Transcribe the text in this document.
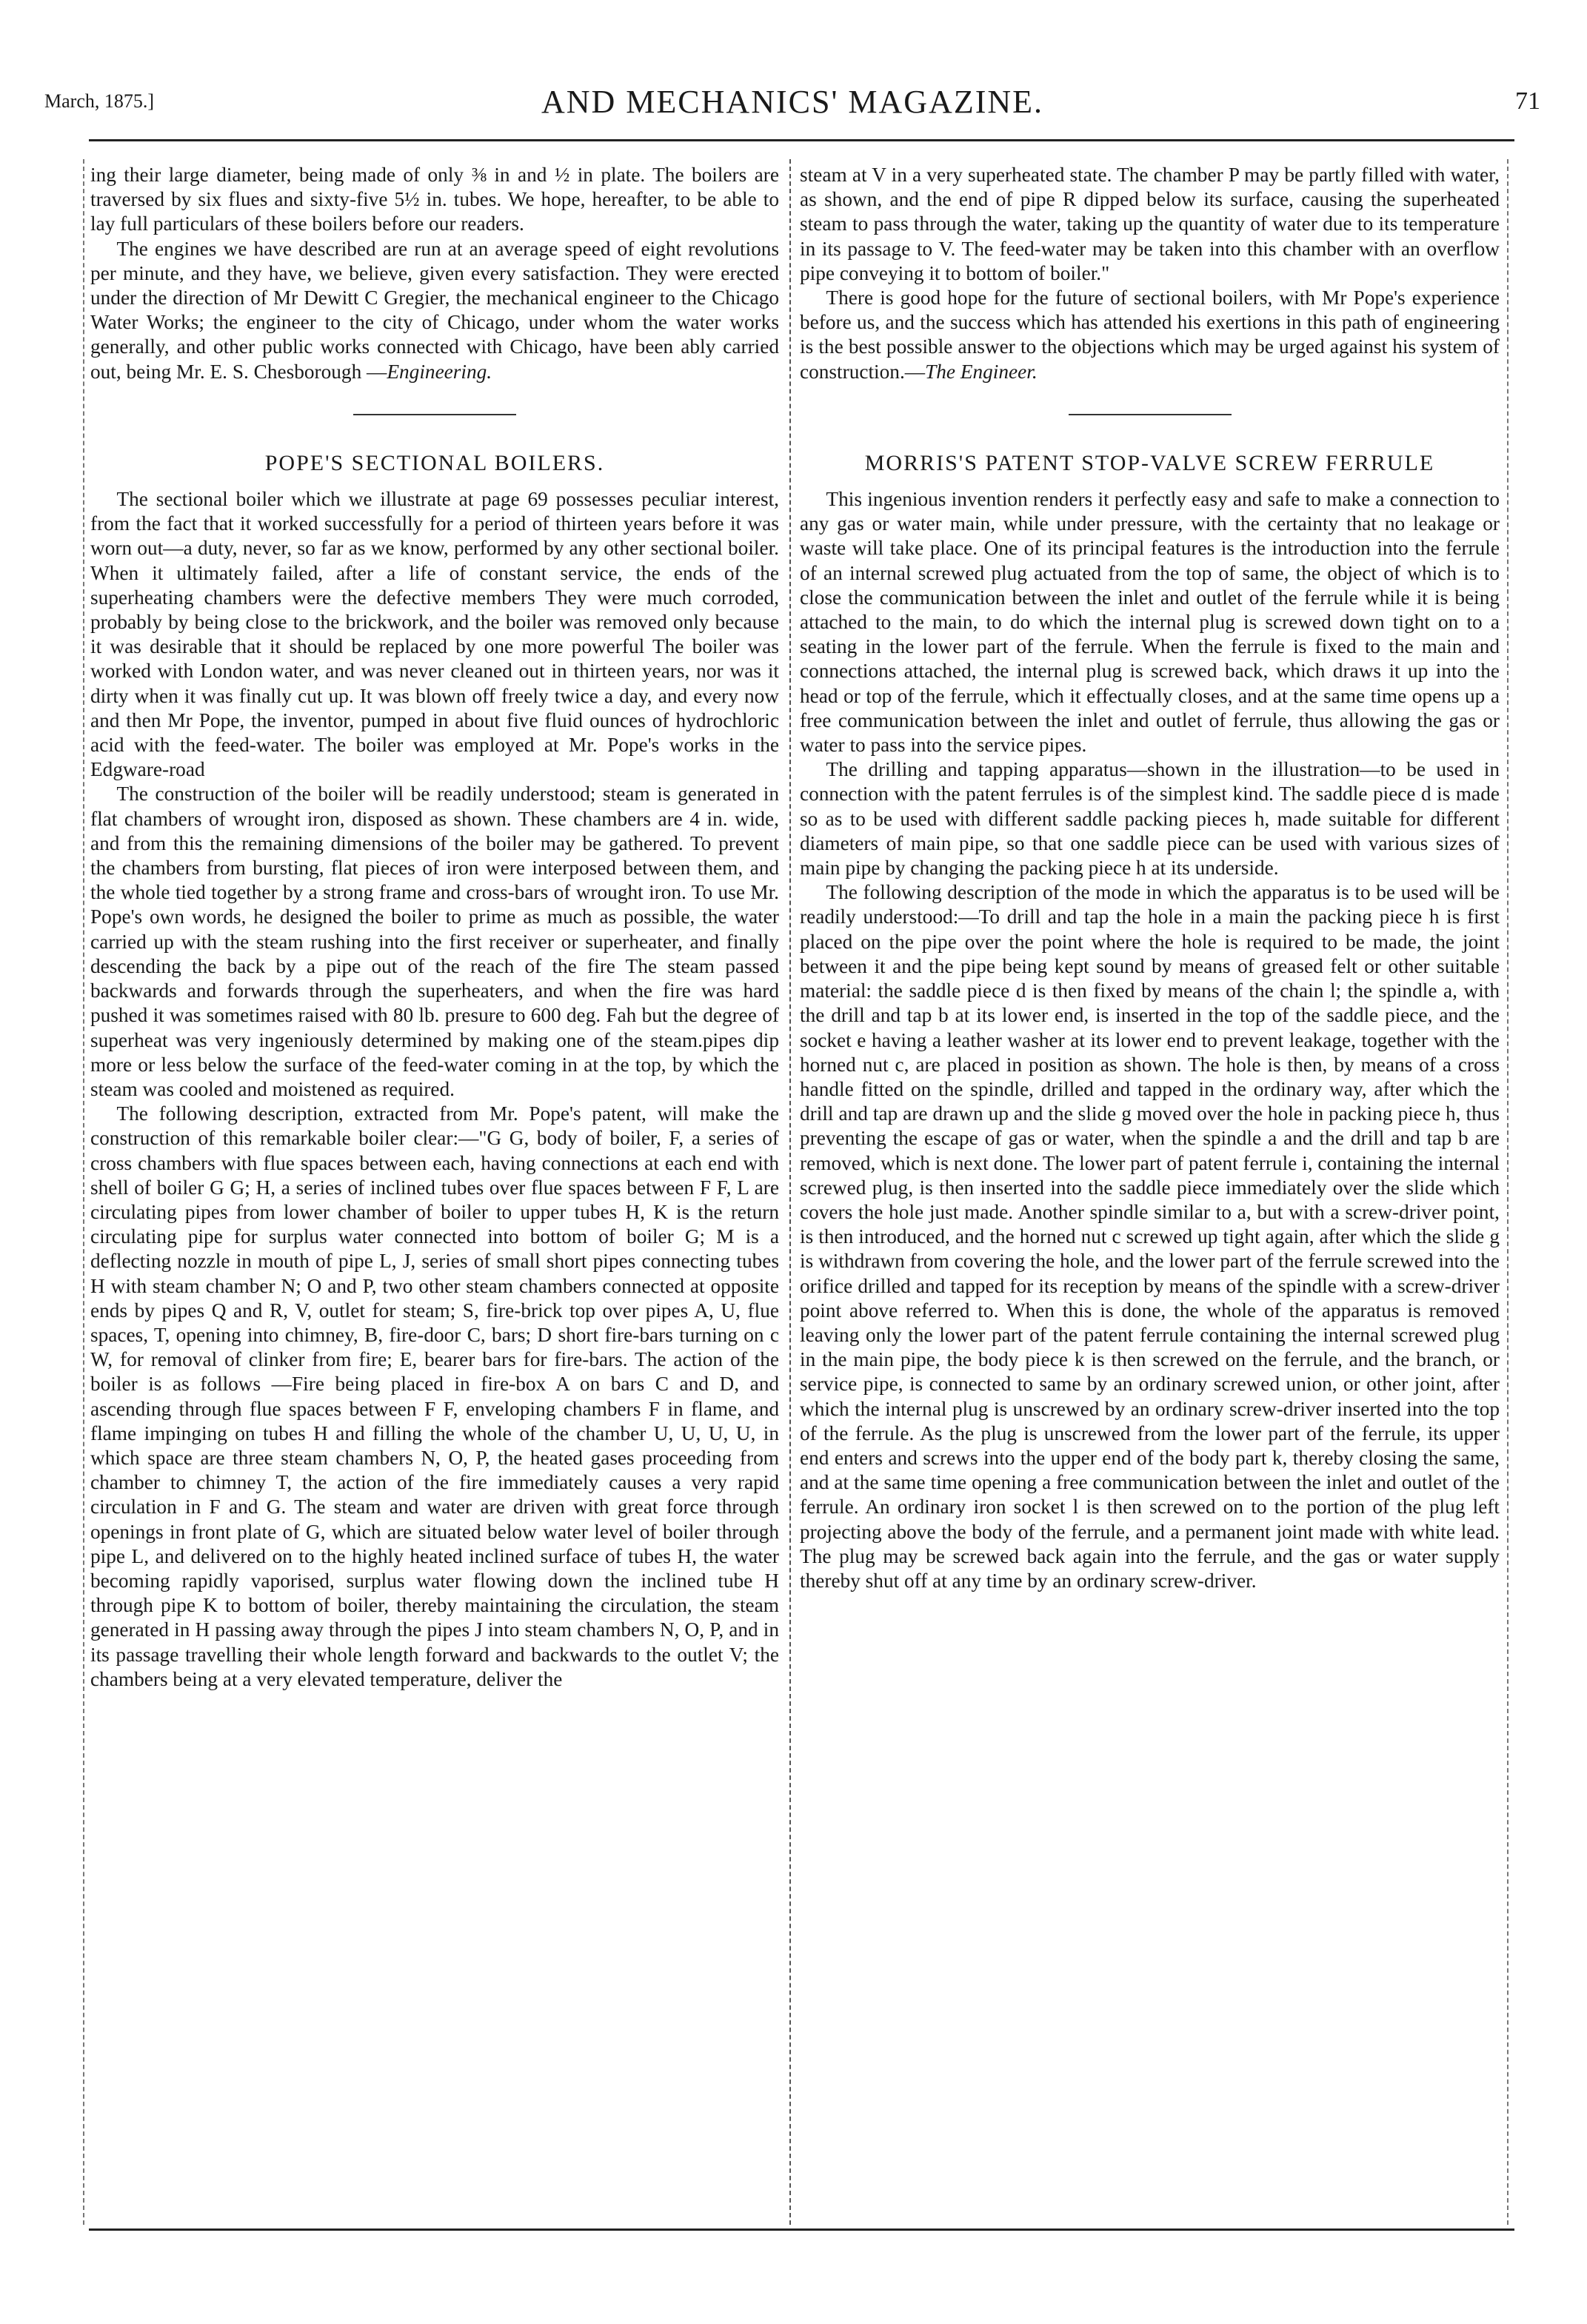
March, 1875.]	AND MECHANICS' MAGAZINE.	71

ing their large diameter, being made of only ⅜ in and ½ in plate. The boilers are traversed by six flues and sixty-five 5½ in. tubes. We hope, hereafter, to be able to lay full particulars of these boilers before our readers.

The engines we have described are run at an average speed of eight revolutions per minute, and they have, we believe, given every satisfaction. They were erected under the direction of Mr Dewitt C Gregier, the mechanical engineer to the Chicago Water Works; the engineer to the city of Chicago, under whom the water works generally, and other public works connected with Chicago, have been ably carried out, being Mr. E. S. Chesborough —Engineering.

POPE'S SECTIONAL BOILERS.

The sectional boiler which we illustrate at page 69 possesses peculiar interest, from the fact that it worked successfully for a period of thirteen years before it was worn out—a duty, never, so far as we know, performed by any other sectional boiler. When it ultimately failed, after a life of constant service, the ends of the superheating chambers were the defective members They were much corroded, probably by being close to the brickwork, and the boiler was removed only because it was desirable that it should be replaced by one more powerful The boiler was worked with London water, and was never cleaned out in thirteen years, nor was it dirty when it was finally cut up. It was blown off freely twice a day, and every now and then Mr Pope, the inventor, pumped in about five fluid ounces of hydrochloric acid with the feed-water. The boiler was employed at Mr. Pope's works in the Edgware-road

The construction of the boiler will be readily understood; steam is generated in flat chambers of wrought iron, disposed as shown. These chambers are 4 in. wide, and from this the remaining dimensions of the boiler may be gathered. To prevent the chambers from bursting, flat pieces of iron were interposed between them, and the whole tied together by a strong frame and cross-bars of wrought iron. To use Mr. Pope's own words, he designed the boiler to prime as much as possible, the water carried up with the steam rushing into the first receiver or superheater, and finally descending the back by a pipe out of the reach of the fire The steam passed backwards and forwards through the superheaters, and when the fire was hard pushed it was sometimes raised with 80 lb. presure to 600 deg. Fah but the degree of superheat was very ingeniously determined by making one of the steam.pipes dip more or less below the surface of the feed-water coming in at the top, by which the steam was cooled and moistened as required.

The following description, extracted from Mr. Pope's patent, will make the construction of this remarkable boiler clear:—"G G, body of boiler, F, a series of cross chambers with flue spaces between each, having connections at each end with shell of boiler G G; H, a series of inclined tubes over flue spaces between F F, L are circulating pipes from lower chamber of boiler to upper tubes H, K is the return circulating pipe for surplus water connected into bottom of boiler G; M is a deflecting nozzle in mouth of pipe L, J, series of small short pipes connecting tubes H with steam chamber N; O and P, two other steam chambers connected at opposite ends by pipes Q and R, V, outlet for steam; S, fire-brick top over pipes A, U, flue spaces, T, opening into chimney, B, fire-door C, bars; D short fire-bars turning on c W, for removal of clinker from fire; E, bearer bars for fire-bars. The action of the boiler is as follows —Fire being placed in fire-box A on bars C and D, and ascending through flue spaces between F F, enveloping chambers F in flame, and flame impinging on tubes H and filling the whole of the chamber U, U, U, U, in which space are three steam chambers N, O, P, the heated gases proceeding from chamber to chimney T, the action of the fire immediately causes a very rapid circulation in F and G. The steam and water are driven with great force through openings in front plate of G, which are situated below water level of boiler through pipe L, and delivered on to the highly heated inclined surface of tubes H, the water becoming rapidly vaporised, surplus water flowing down the inclined tube H through pipe K to bottom of boiler, thereby maintaining the circulation, the steam generated in H passing away through the pipes J into steam chambers N, O, P, and in its passage travelling their whole length forward and backwards to the outlet V; the chambers being at a very elevated temperature, deliver the

steam at V in a very superheated state. The chamber P may be partly filled with water, as shown, and the end of pipe R dipped below its surface, causing the superheated steam to pass through the water, taking up the quantity of water due to its temperature in its passage to V. The feed-water may be taken into this chamber with an overflow pipe conveying it to bottom of boiler."

There is good hope for the future of sectional boilers, with Mr Pope's experience before us, and the success which has attended his exertions in this path of engineering is the best possible answer to the objections which may be urged against his system of construction.—The Engineer.

MORRIS'S PATENT STOP-VALVE SCREW FERRULE

This ingenious invention renders it perfectly easy and safe to make a connection to any gas or water main, while under pressure, with the certainty that no leakage or waste will take place. One of its principal features is the introduction into the ferrule of an internal screwed plug actuated from the top of same, the object of which is to close the communication between the inlet and outlet of the ferrule while it is being attached to the main, to do which the internal plug is screwed down tight on to a seating in the lower part of the ferrule. When the ferrule is fixed to the main and connections attached, the internal plug is screwed back, which draws it up into the head or top of the ferrule, which it effectually closes, and at the same time opens up a free communication between the inlet and outlet of ferrule, thus allowing the gas or water to pass into the service pipes.

The drilling and tapping apparatus—shown in the illustration—to be used in connection with the patent ferrules is of the simplest kind. The saddle piece d is made so as to be used with different saddle packing pieces h, made suitable for different diameters of main pipe, so that one saddle piece can be used with various sizes of main pipe by changing the packing piece h at its underside.

The following description of the mode in which the apparatus is to be used will be readily understood:—To drill and tap the hole in a main the packing piece h is first placed on the pipe over the point where the hole is required to be made, the joint between it and the pipe being kept sound by means of greased felt or other suitable material: the saddle piece d is then fixed by means of the chain l; the spindle a, with the drill and tap b at its lower end, is inserted in the top of the saddle piece, and the socket e having a leather washer at its lower end to prevent leakage, together with the horned nut c, are placed in position as shown. The hole is then, by means of a cross handle fitted on the spindle, drilled and tapped in the ordinary way, after which the drill and tap are drawn up and the slide g moved over the hole in packing piece h, thus preventing the escape of gas or water, when the spindle a and the drill and tap b are removed, which is next done. The lower part of patent ferrule i, containing the internal screwed plug, is then inserted into the saddle piece immediately over the slide which covers the hole just made. Another spindle similar to a, but with a screw-driver point, is then introduced, and the horned nut c screwed up tight again, after which the slide g is withdrawn from covering the hole, and the lower part of the ferrule screwed into the orifice drilled and tapped for its reception by means of the spindle with a screw-driver point above referred to. When this is done, the whole of the apparatus is removed leaving only the lower part of the patent ferrule containing the internal screwed plug in the main pipe, the body piece k is then screwed on the ferrule, and the branch, or service pipe, is connected to same by an ordinary screwed union, or other joint, after which the internal plug is unscrewed by an ordinary screw-driver inserted into the top of the ferrule. As the plug is unscrewed from the lower part of the ferrule, its upper end enters and screws into the upper end of the body part k, thereby closing the same, and at the same time opening a free communication between the inlet and outlet of the ferrule. An ordinary iron socket l is then screwed on to the portion of the plug left projecting above the body of the ferrule, and a permanent joint made with white lead. The plug may be screwed back again into the ferrule, and the gas or water supply thereby shut off at any time by an ordinary screw-driver.
